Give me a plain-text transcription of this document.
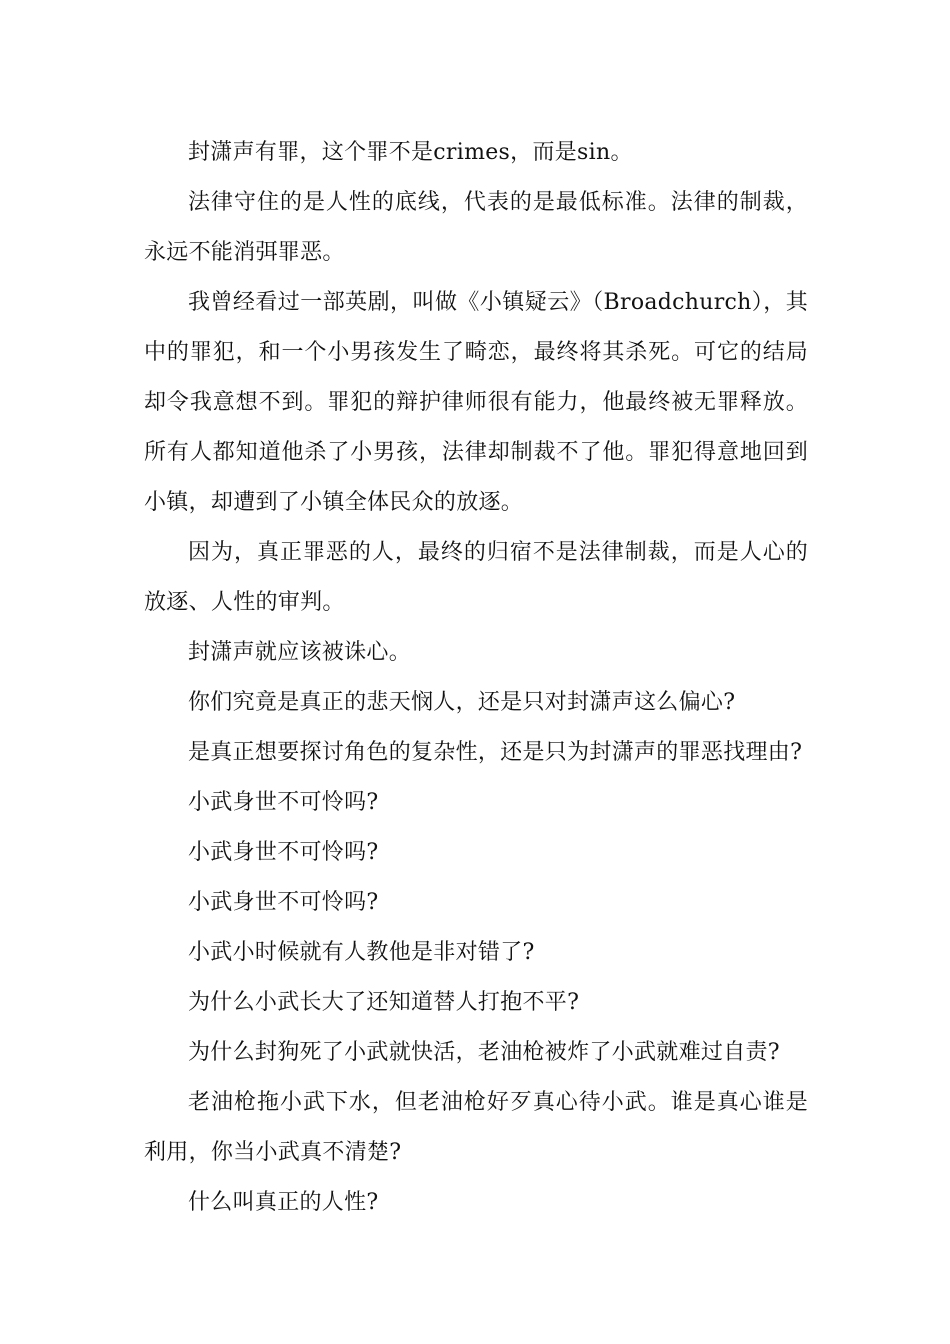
封潇声有罪，这个罪不是crimes，而是sin。

法律守住的是人性的底线，代表的是最低标准。法律的制裁，永远不能消弭罪恶。

我曾经看过一部英剧，叫做《小镇疑云》（Broadchurch），其中的罪犯，和一个小男孩发生了畸恋，最终将其杀死。可它的结局却令我意想不到。罪犯的辩护律师很有能力，他最终被无罪释放。所有人都知道他杀了小男孩，法律却制裁不了他。罪犯得意地回到小镇，却遭到了小镇全体民众的放逐。

因为，真正罪恶的人，最终的归宿不是法律制裁，而是人心的放逐、人性的审判。

封潇声就应该被诛心。

你们究竟是真正的悲天悯人，还是只对封潇声这么偏心?

是真正想要探讨角色的复杂性，还是只为封潇声的罪恶找理由?

小武身世不可怜吗?

小武身世不可怜吗?

小武身世不可怜吗?

小武小时候就有人教他是非对错了?

为什么小武长大了还知道替人打抱不平?

为什么封狗死了小武就快活，老油枪被炸了小武就难过自责?

老油枪拖小武下水，但老油枪好歹真心待小武。谁是真心谁是利用，你当小武真不清楚?

什么叫真正的人性?
